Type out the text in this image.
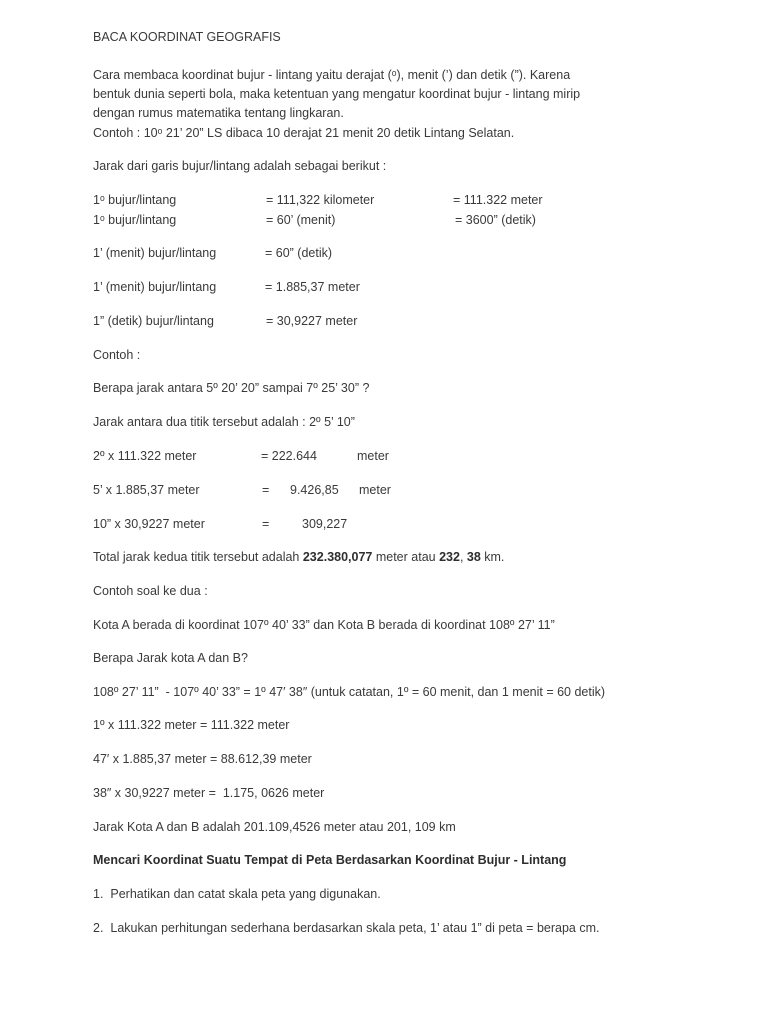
BACA KOORDINAT GEOGRAFIS
Cara membaca koordinat bujur - lintang yaitu derajat (ᵒ), menit (’) dan detik (”). Karena
bentuk dunia seperti bola, maka ketentuan yang mengatur koordinat bujur - lintang mirip
dengan rumus matematika tentang lingkaran.
Contoh : 10ᵒ 21’ 20” LS dibaca 10 derajat 21 menit 20 detik Lintang Selatan.
Jarak dari garis bujur/lintang adalah sebagai berikut :
1ᵒ bujur/lintang	= 111,322 kilometer	= 111.322 meter
1ᵒ bujur/lintang	= 60’ (menit)	= 3600” (detik)
1’ (menit) bujur/lintang	= 60” (detik)
1’ (menit) bujur/lintang	= 1.885,37 meter
1” (detik) bujur/lintang	= 30,9227 meter
Contoh :
Berapa jarak antara 5º 20’ 20” sampai 7º 25’ 30” ?
Jarak antara dua titik tersebut adalah : 2º 5’ 10”
2º x 111.322 meter	= 222.644	meter
5’ x 1.885,37 meter	= 9.426,85 meter
10” x 30,9227 meter	=	309,227
Total jarak kedua titik tersebut adalah 232.380,077 meter atau 232, 38 km.
Contoh soal ke dua :
Kota A berada di koordinat 107º 40’ 33” dan Kota B berada di koordinat 108º 27’ 11”
Berapa Jarak kota A dan B?
108º 27’ 11”  - 107º 40’ 33” = 1º 47′ 38″ (untuk catatan, 1º = 60 menit, dan 1 menit = 60 detik)
1º x 111.322 meter = 111.322 meter
47′ x 1.885,37 meter = 88.612,39 meter
38″ x 30,9227 meter =  1.175, 0626 meter
Jarak Kota A dan B adalah 201.109,4526 meter atau 201, 109 km
Mencari Koordinat Suatu Tempat di Peta Berdasarkan Koordinat Bujur - Lintang
1.  Perhatikan dan catat skala peta yang digunakan.
2.  Lakukan perhitungan sederhana berdasarkan skala peta, 1’ atau 1” di peta = berapa cm.
